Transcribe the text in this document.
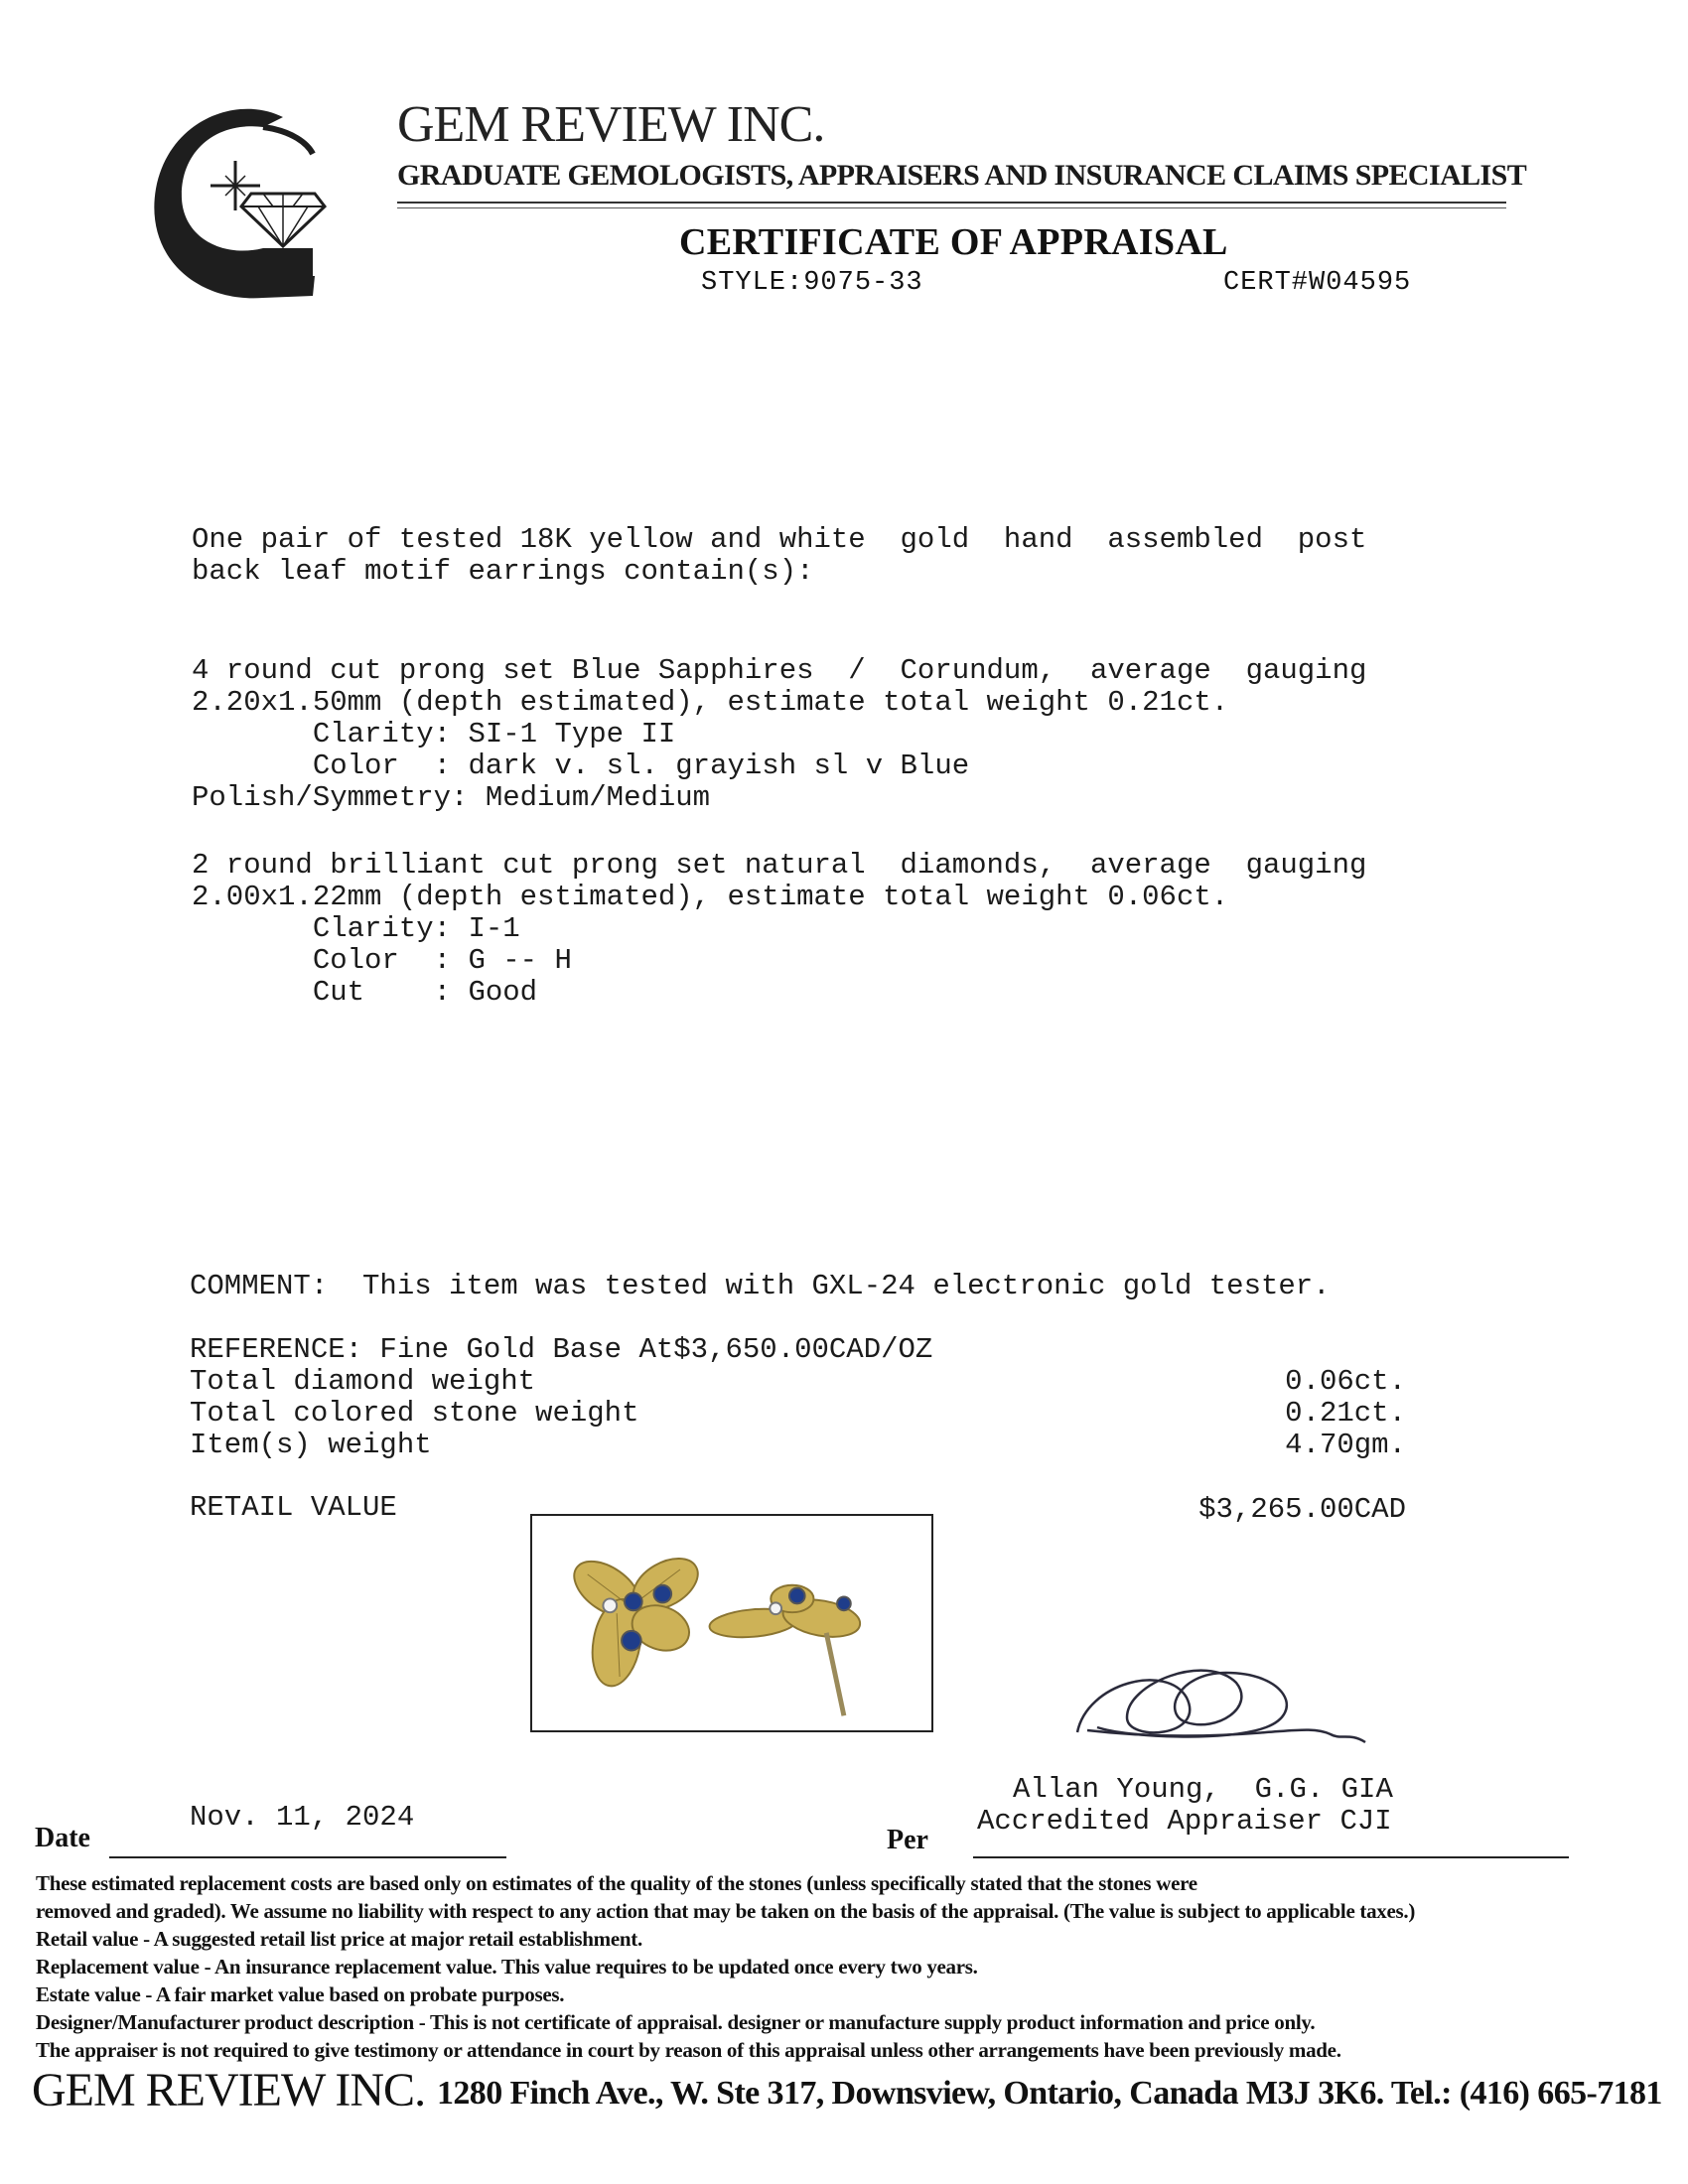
GEM REVIEW INC.
GRADUATE GEMOLOGISTS, APPRAISERS AND INSURANCE CLAIMS SPECIALIST
CERTIFICATE OF APPRAISAL
STYLE:9075-33	CERT#W04595
One pair of tested 18K yellow and white  gold  hand  assembled  post
back leaf motif earrings contain(s):
4 round cut prong set Blue Sapphires  /  Corundum,  average  gauging
2.20x1.50mm (depth estimated), estimate total weight 0.21ct.
Clarity: SI-1 Type II
Color  : dark v. sl. grayish sl v Blue
Polish/Symmetry: Medium/Medium
2 round brilliant cut prong set natural  diamonds,  average  gauging
2.00x1.22mm (depth estimated), estimate total weight 0.06ct.
Clarity: I-1
Color  : G -- H
Cut    : Good
COMMENT:  This item was tested with GXL-24 electronic gold tester.
REFERENCE: Fine Gold Base At$3,650.00CAD/OZ
Total diamond weight	0.06ct.
Total colored stone weight	0.21ct.
Item(s) weight	4.70gm.
RETAIL VALUE	$3,265.00CAD
Allan Young,  G.G. GIA
Accredited Appraiser CJI
Nov. 11, 2024
Date	Per
These estimated replacement costs are based only on estimates of the quality of the stones (unless specifically stated that the stones were
removed and graded). We assume no liability with respect to any action that may be taken on the basis of the appraisal. (The value is subject to applicable taxes.)
Retail value - A suggested retail list price at major retail establishment.
Replacement value - An insurance replacement value. This value requires to be updated once every two years.
Estate value - A fair market value based on probate purposes.
Designer/Manufacturer product description - This is not certificate of appraisal. designer or manufacture supply product information and price only.
The appraiser is not required to give testimony or attendance in court by reason of this appraisal unless other arrangements have been previously made.
GEM REVIEW INC. 1280 Finch Ave., W. Ste 317, Downsview, Ontario, Canada M3J 3K6. Tel.: (416) 665-7181
